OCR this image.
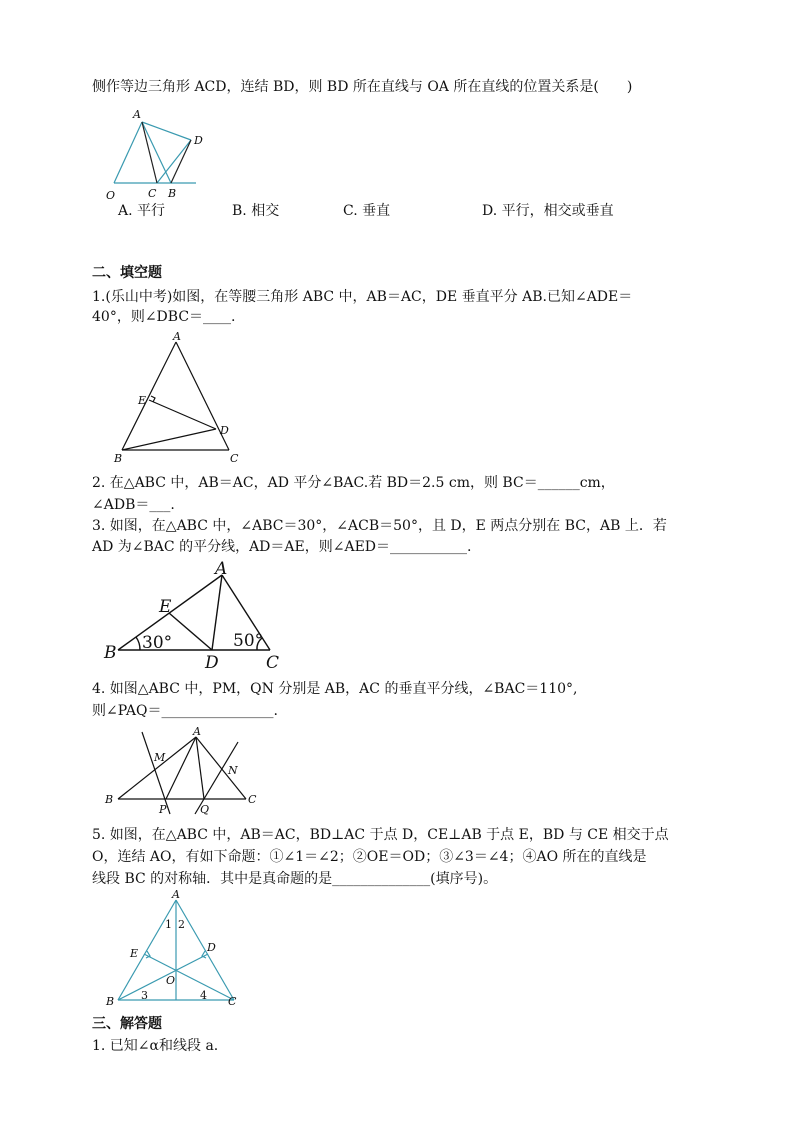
侧作等边三角形 ACD，连结 BD，则 BD 所在直线与 OA 所在直线的位置关系是(　　)
A
D
O	C B
A. 平行	B. 相交	C. 垂直	D. 平行，相交或垂直
二、填空题
1.(乐山中考)如图，在等腰三角形 ABC 中，AB＝AC，DE 垂直平分 AB.已知∠ADE＝
40°，则∠DBC＝____.
A
E
D
B	C
2. 在△ABC 中，AB＝AC，AD 平分∠BAC.若 BD＝2.5 cm，则 BC＝______cm，
∠ADB＝___.
3. 如图，在△ABC 中，∠ABC＝30°，∠ACB＝50°，且 D，E 两点分别在 BC，AB 上．若
AD 为∠BAC 的平分线，AD＝AE，则∠AED＝___________.
A
E
B	D	C
30°	50°
4. 如图△ABC 中，PM，QN 分别是 AB，AC 的垂直平分线，∠BAC＝110°,
则∠PAQ＝________________.
A
M
N
B
P	Q
C
5. 如图，在△ABC 中，AB＝AC，BD⊥AC 于点 D，CE⊥AB 于点 E，BD 与 CE 相交于点
O，连结 AO，有如下命题：①∠1＝∠2；②OE＝OD；③∠3＝∠4；④AO 所在的直线是
线段 BC 的对称轴．其中是真命题的是______________(填序号)。
A
E	D
O
B	C
1 2
3	4
三、解答题
1. 已知∠α和线段 a.
